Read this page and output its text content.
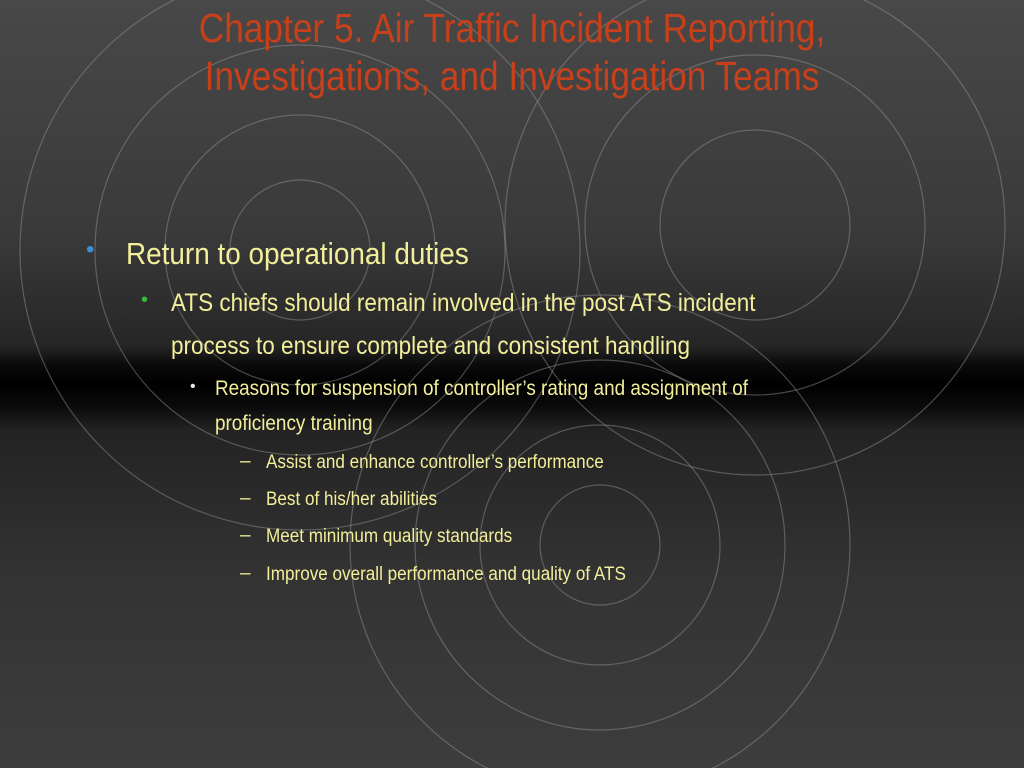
Chapter 5. Air Traffic Incident Reporting,
Investigations, and Investigation Teams
• Return to operational duties
• ATS chiefs should remain involved in the post ATS incident
process to ensure complete and consistent handling
• Reasons for suspension of controller’s rating and assignment of
proficiency training
– Assist and enhance controller’s performance
– Best of his/her abilities
– Meet minimum quality standards
– Improve overall performance and quality of ATS
